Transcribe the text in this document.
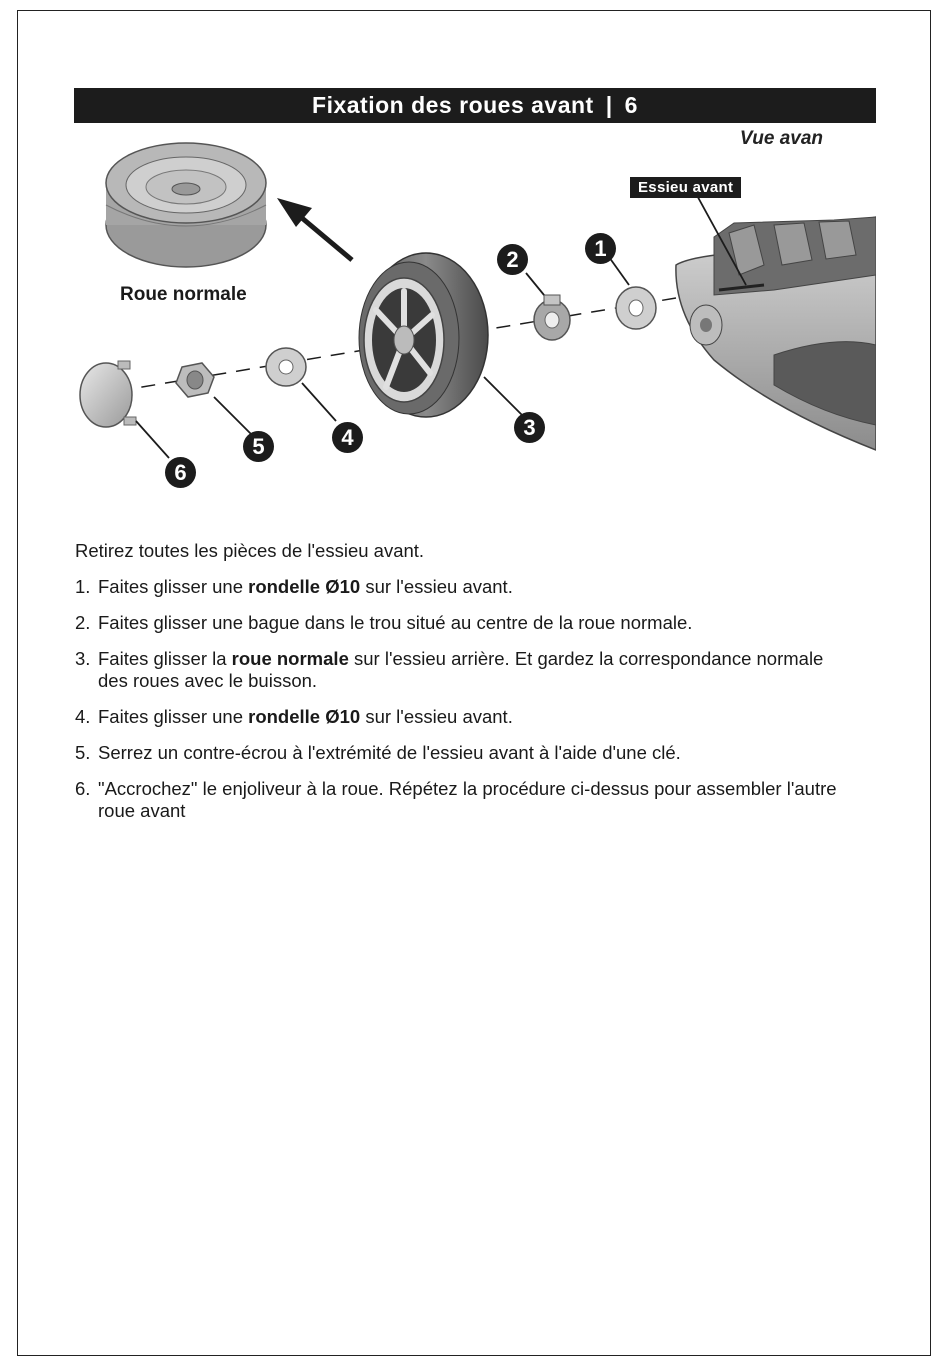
Fixation des roues avant | 6
Vue avan
Essieu avant
Roue normale
1
2
3
4
5
6

Retirez toutes les pièces de l'essieu avant.

1. Faites glisser une rondelle Ø10 sur l'essieu avant.
2. Faites glisser une bague dans le trou situé au centre de la roue normale.
3. Faites glisser la roue normale sur l'essieu arrière. Et gardez la correspondance normale des roues avec le buisson.
4. Faites glisser une rondelle Ø10 sur l'essieu avant.
5. Serrez un contre-écrou à l'extrémité de l'essieu avant à l'aide d'une clé.
6. "Accrochez" le enjoliveur à la roue. Répétez la procédure ci-dessus pour assembler l'autre roue avant
